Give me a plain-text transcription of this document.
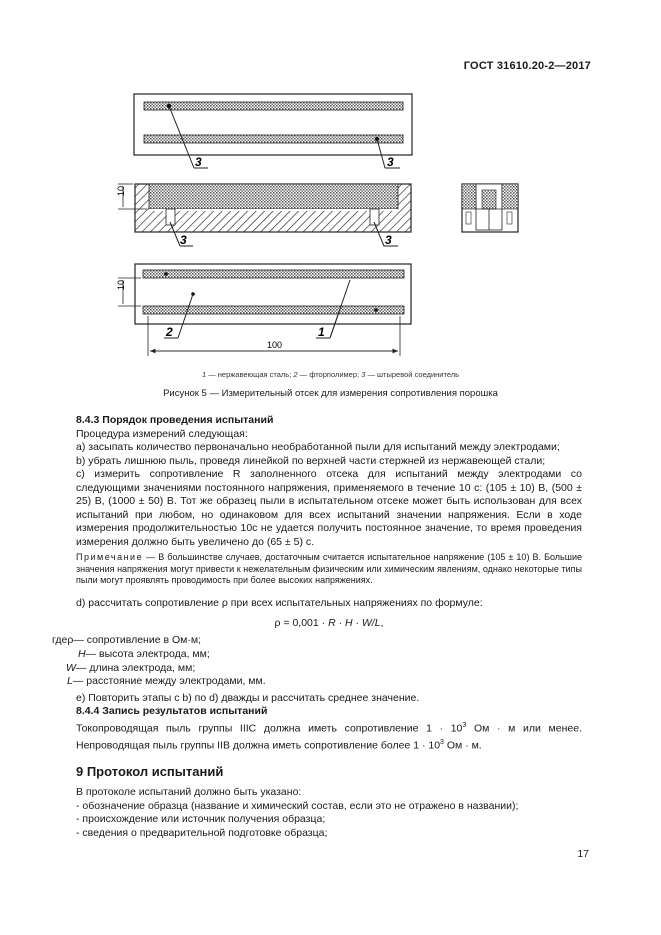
ГОСТ 31610.20-2—2017
3	3
3	3
10
2	1
10
100
1 — нержавеющая сталь; 2 — фторполимер; 3 — штыревой соединитель
Рисунок 5 — Измерительный отсек для измерения сопротивления порошка

8.4.3 Порядок проведения испытаний

Процедура измерений следующая:

а) засыпать количество первоначально необработанной пыли для испытаний между электродами;

b) убрать лишнюю пыль, проведя линейкой по верхней части стержней из нержавеющей стали;

c) измерить сопротивление R заполненного отсека для испытаний между электродами со следующими значениями постоянного напряжения, применяемого в течение 10 с: (105 ± 10) В, (500 ± 25) В, (1000 ± 50) В. Тот же образец пыли в испытательном отсеке может быть использован для всех испытаний при любом, но одинаковом для всех испытаний значении напряжения. Если в ходе измерения продолжительностью 10с не удается получить постоянное значение, то время проведения измерения должно быть увеличено до (65 ± 5) с.

Примечание — В большинстве случаев, достаточным считается испытательное напряжение (105 ± 10) В. Большие значения напряжения могут привести к нежелательным физическим или химическим явлениям, однако некоторые типы пыли могут проявлять проводимость при более высоких напряжениях.
d) рассчитать сопротивление ρ при всех испытательных напряжениях по формуле:
ρ = 0,001 · R · H · W/L,
где ρ — сопротивление в Ом·м;
H — высота электрода, мм;
W — длина электрода, мм;
L — расстояние между электродами, мм.
е) Повторить этапы с b) по d) дважды и рассчитать среднее значение.

8.4.4 Запись результатов испытаний

Токопроводящая пыль группы IIIC должна иметь сопротивление $1 \cdot 10^3$ Ом · м или менее. Непроводящая пыль группы IIB должна иметь сопротивление более $1 \cdot 10^3$ Ом · м.

9 Протокол испытаний

В протоколе испытаний должно быть указано:

- обозначение образца (название и химический состав, если это не отражено в названии);

- происхождение или источник получения образца;

- сведения о предварительной подготовке образца;

17
